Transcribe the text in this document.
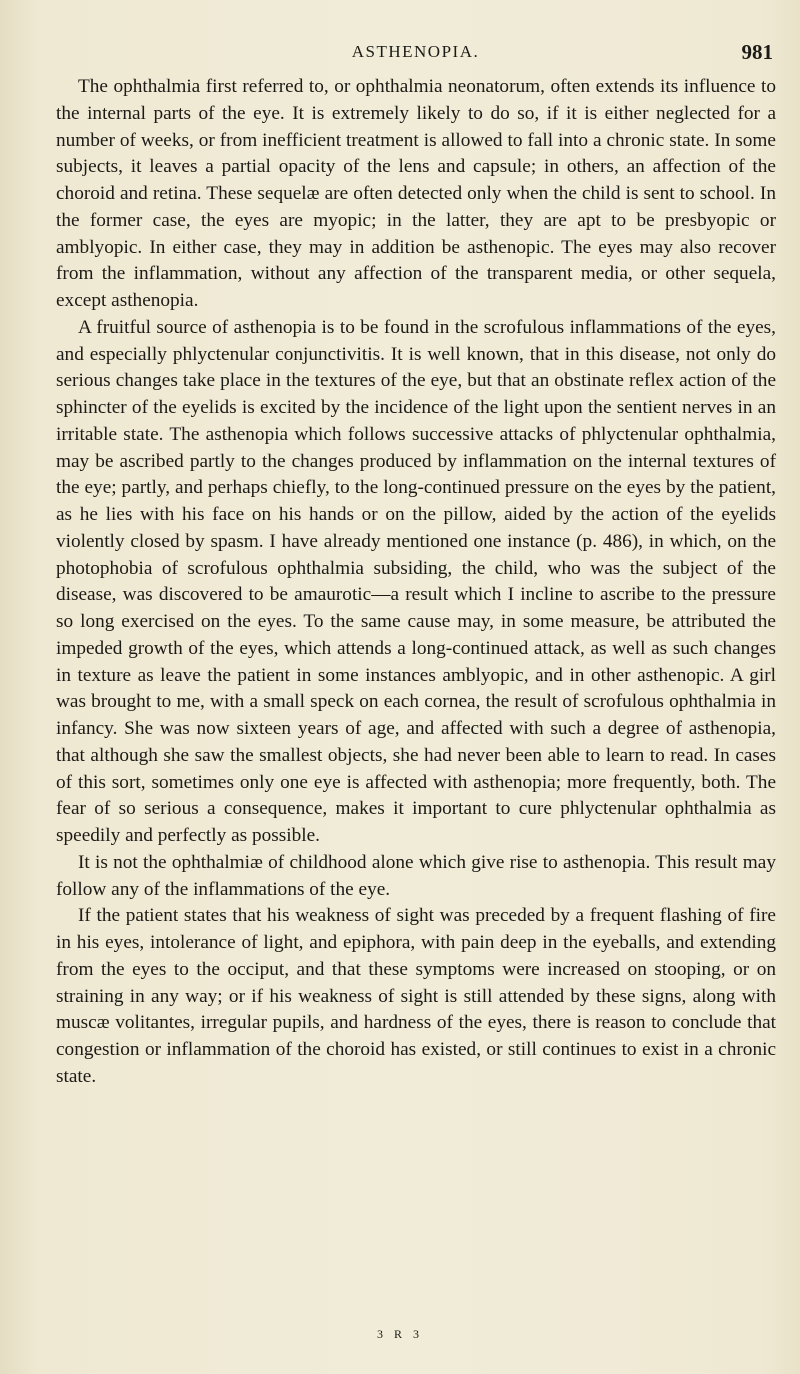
ASTHENOPIA.	981

The ophthalmia first referred to, or ophthalmia neonatorum, often extends its influence to the internal parts of the eye. It is extremely likely to do so, if it is either neglected for a number of weeks, or from inefficient treatment is allowed to fall into a chronic state. In some subjects, it leaves a partial opacity of the lens and capsule; in others, an affection of the choroid and retina. These sequelæ are often detected only when the child is sent to school. In the former case, the eyes are myopic; in the latter, they are apt to be presbyopic or amblyopic. In either case, they may in addition be asthenopic. The eyes may also recover from the inflammation, without any affection of the transparent media, or other sequela, except asthenopia.

A fruitful source of asthenopia is to be found in the scrofulous inflammations of the eyes, and especially phlyctenular conjunctivitis. It is well known, that in this disease, not only do serious changes take place in the textures of the eye, but that an obstinate reflex action of the sphincter of the eyelids is excited by the incidence of the light upon the sentient nerves in an irritable state. The asthenopia which follows successive attacks of phlyctenular ophthalmia, may be ascribed partly to the changes produced by inflammation on the internal textures of the eye; partly, and perhaps chiefly, to the long-continued pressure on the eyes by the patient, as he lies with his face on his hands or on the pillow, aided by the action of the eyelids violently closed by spasm. I have already mentioned one instance (p. 486), in which, on the photophobia of scrofulous ophthalmia subsiding, the child, who was the subject of the disease, was discovered to be amaurotic—a result which I incline to ascribe to the pressure so long exercised on the eyes. To the same cause may, in some measure, be attributed the impeded growth of the eyes, which attends a long-continued attack, as well as such changes in texture as leave the patient in some instances amblyopic, and in other asthenopic. A girl was brought to me, with a small speck on each cornea, the result of scrofulous ophthalmia in infancy. She was now sixteen years of age, and affected with such a degree of asthenopia, that although she saw the smallest objects, she had never been able to learn to read. In cases of this sort, sometimes only one eye is affected with asthenopia; more frequently, both. The fear of so serious a consequence, makes it important to cure phlyctenular ophthalmia as speedily and perfectly as possible.

It is not the ophthalmiæ of childhood alone which give rise to asthenopia. This result may follow any of the inflammations of the eye.

If the patient states that his weakness of sight was preceded by a frequent flashing of fire in his eyes, intolerance of light, and epiphora, with pain deep in the eyeballs, and extending from the eyes to the occiput, and that these symptoms were increased on stooping, or on straining in any way; or if his weakness of sight is still attended by these signs, along with muscæ volitantes, irregular pupils, and hardness of the eyes, there is reason to conclude that congestion or inflammation of the choroid has existed, or still continues to exist in a chronic state.

3 R 3
